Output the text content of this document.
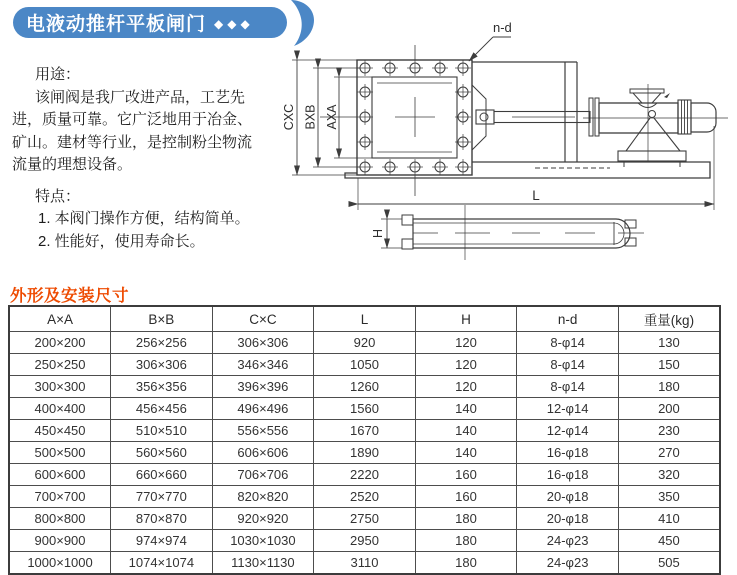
电液动推杆平板闸门 ◆◆◆
用途：
该闸阀是我厂改进产品，工艺先
进，质量可靠。它广泛地用于冶金、
矿山。建材等行业，是控制粉尘物流
流量的理想设备。
特点：
1. 本阀门操作方便，结构简单。
2. 性能好，使用寿命长。
n-d
CXC BXB AXA
L
H
外形及安装尺寸
A×A	B×B	C×C	L	H	n-d	重量(kg)
200×200	256×256	306×306	920	120	8-φ14	130
250×250	306×306	346×346	1050	120	8-φ14	150
300×300	356×356	396×396	1260	120	8-φ14	180
400×400	456×456	496×496	1560	140	12-φ14	200
450×450	510×510	556×556	1670	140	12-φ14	230
500×500	560×560	606×606	1890	140	16-φ18	270
600×600	660×660	706×706	2220	160	16-φ18	320
700×700	770×770	820×820	2520	160	20-φ18	350
800×800	870×870	920×920	2750	180	20-φ18	410
900×900	974×974	1030×1030	2950	180	24-φ23	450
1000×1000	1074×1074	1130×1130	3110	180	24-φ23	505
